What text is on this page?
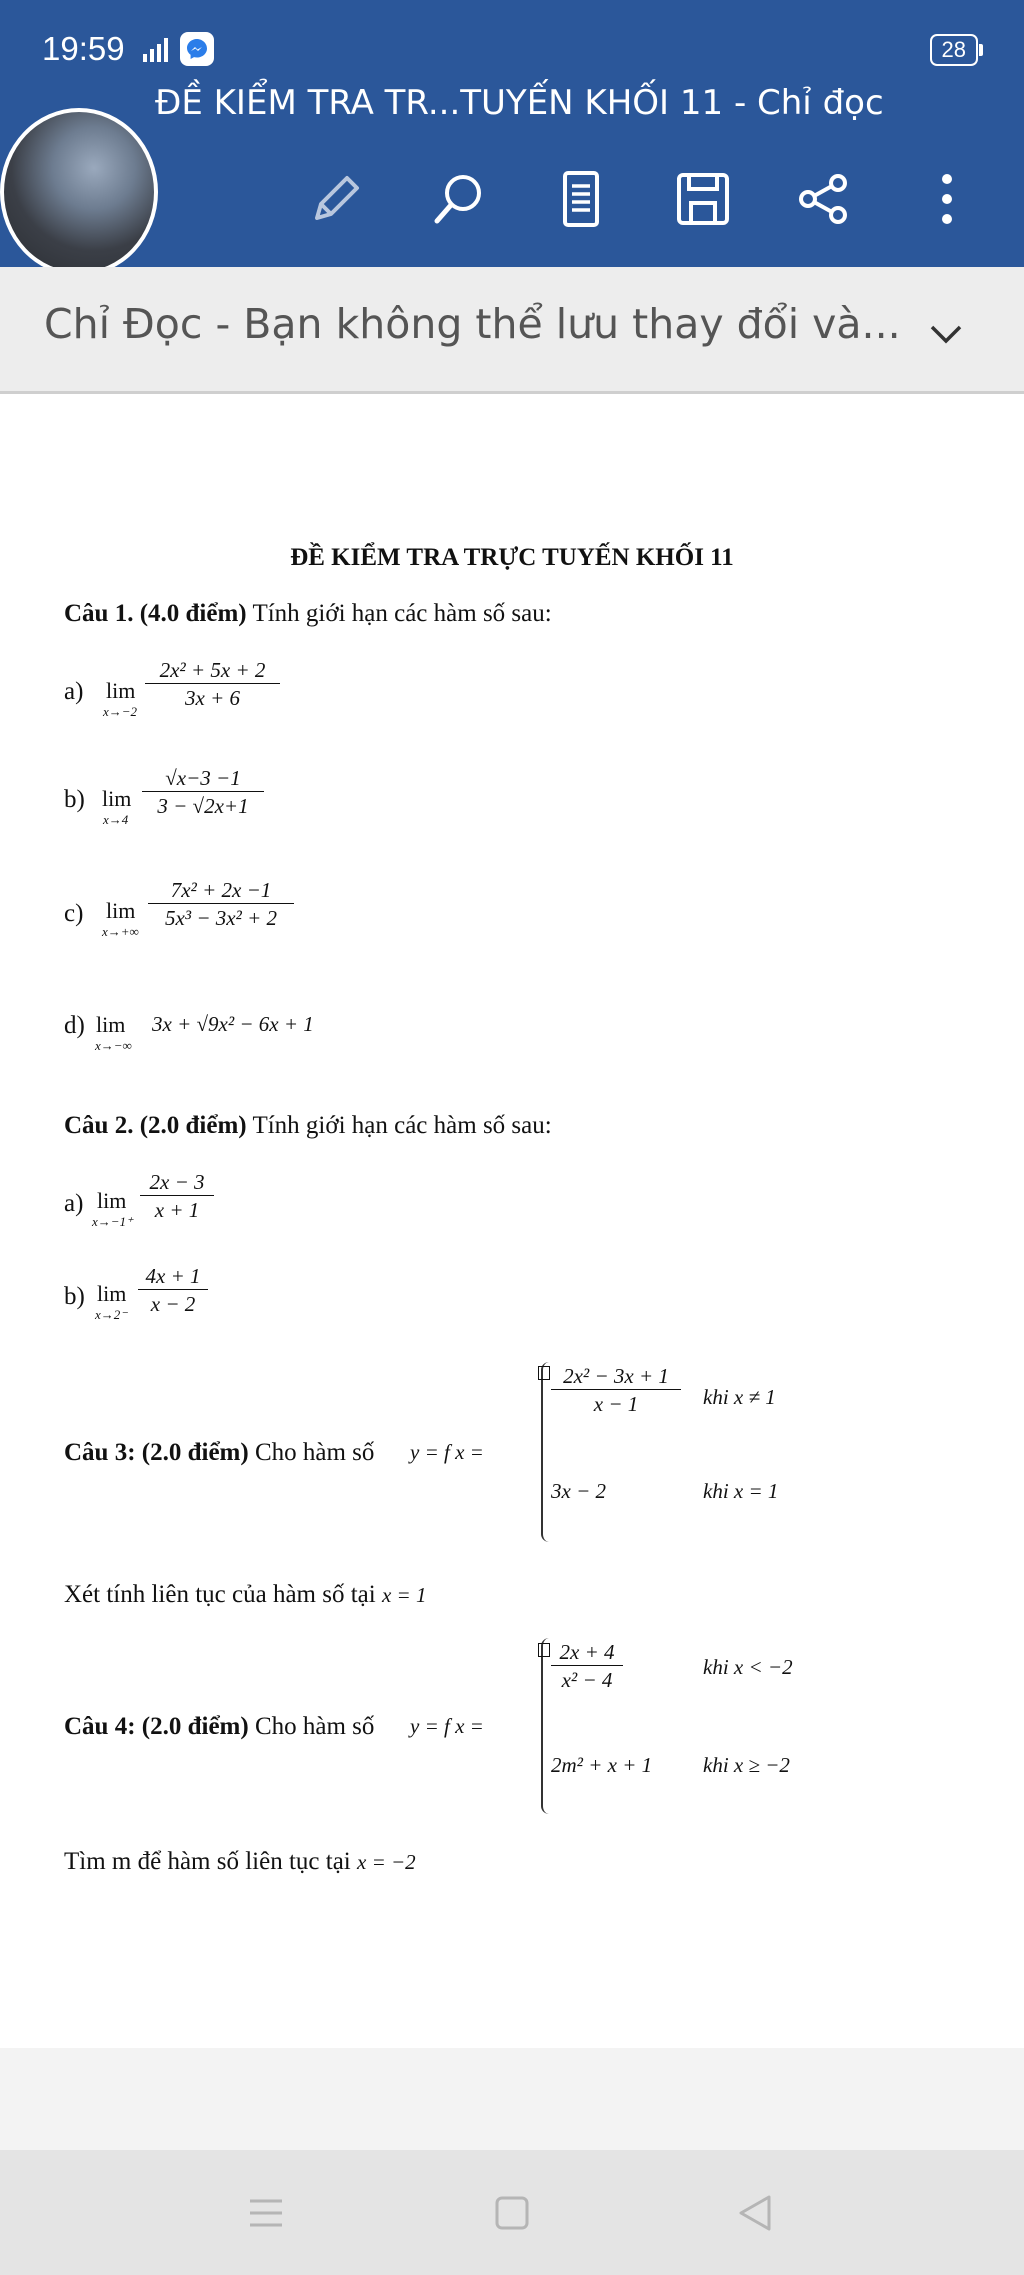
19:59	28
ĐỀ KIỂM TRA TR...TUYẾN KHỐI 11 - Chỉ đọc
Chỉ Đọc - Bạn không thể lưu thay đổi và...
ĐỀ KIỂM TRA TRỰC TUYẾN KHỐI 11
Câu 1. (4.0 điểm) Tính giới hạn các hàm số sau:
a) lim
x→−2
$\frac{\text{2x² + 5x + 2}}{3x + 6}$
b) lim
x→4
$\frac{√x-3 -1}{3 - √2x+1}$
c) lim
x→+∞
$\frac{\text{7x² + 2x −1}}{\text{5x³ − 3x² + 2}}$
d) lim
x→−∞
3x + √9x² − 6x + 1
Câu 2. (2.0 điểm) Tính giới hạn các hàm số sau:
a) lim
$x\to-1^+ \frac{2x - 3}{x + 1}$
b) lim
$x\to 2^- \frac{4x + 1}{x - 2}$
Câu 3: (2.0 điểm) Cho hàm số y = f x =
$\frac{\text{2x² − 3x + 1}}{x - 1}$ khi x ≠ 1
3x − 2	khi x = 1
Xét tính liên tục của hàm số tại x = 1
Câu 4: (2.0 điểm) Cho hàm số y = f x =
$\frac{2x + 4}{\text{x² − 4}}$	khi x < −2
2m² + x + 1 khi x ≥ −2
Tìm m để hàm số liên tục tại x = −2
